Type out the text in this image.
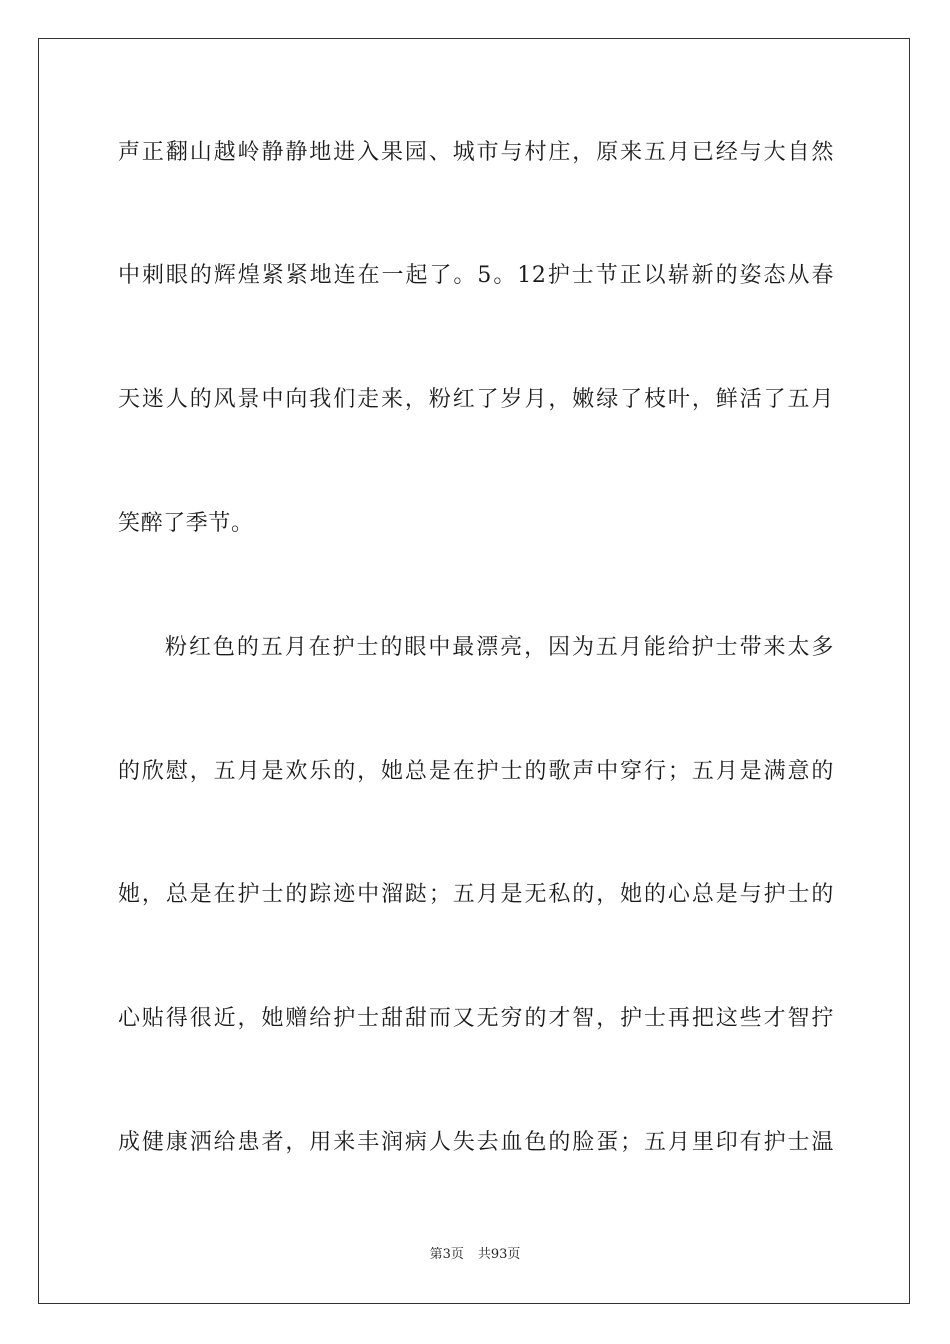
声正翻山越岭静静地进入果园、城市与村庄，原来五月已经与大自然
中刺眼的辉煌紧紧地连在一起了。5。12护士节正以崭新的姿态从春
天迷人的风景中向我们走来，粉红了岁月，嫩绿了枝叶，鲜活了五月
笑醉了季节。
粉红色的五月在护士的眼中最漂亮，因为五月能给护士带来太多
的欣慰，五月是欢乐的，她总是在护士的歌声中穿行；五月是满意的
她，总是在护士的踪迹中溜跶；五月是无私的，她的心总是与护士的
心贴得很近，她赠给护士甜甜而又无穷的才智，护士再把这些才智拧
成健康洒给患者，用来丰润病人失去血色的脸蛋；五月里印有护士温
第3页 共93页
